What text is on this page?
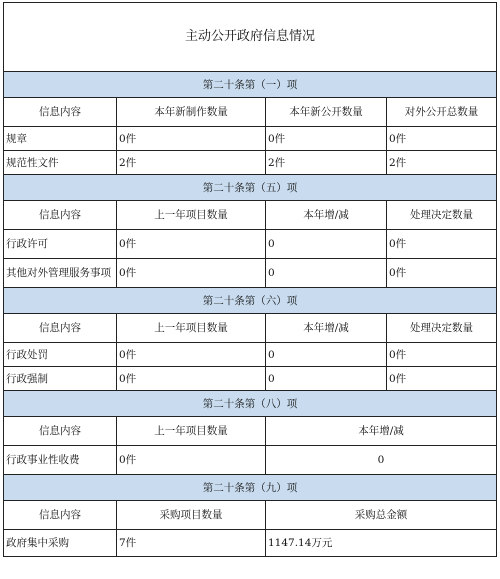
主动公开政府信息情况			
第二十条第（一）项			
信息内容	本年新制作数量	本年新公开数量	对外公开总数量
规章	0件	0件	0件
规范性文件	2件	2件	2件
第二十条第（五）项			
信息内容	上一年项目数量	本年增/减	处理决定数量
行政许可	0件	0	0件
其他对外管理服务事项	0件	0	0件
第二十条第（六）项			
信息内容	上一年项目数量	本年增/减	处理决定数量
行政处罚	0件	0	0件
行政强制	0件	0	0件
第二十条第（八）项			
信息内容	上一年项目数量	本年增/减	
行政事业性收费	0件	0	
第二十条第（九）项			
信息内容	采购项目数量	采购总金额	
政府集中采购	7件	1147.14万元	
